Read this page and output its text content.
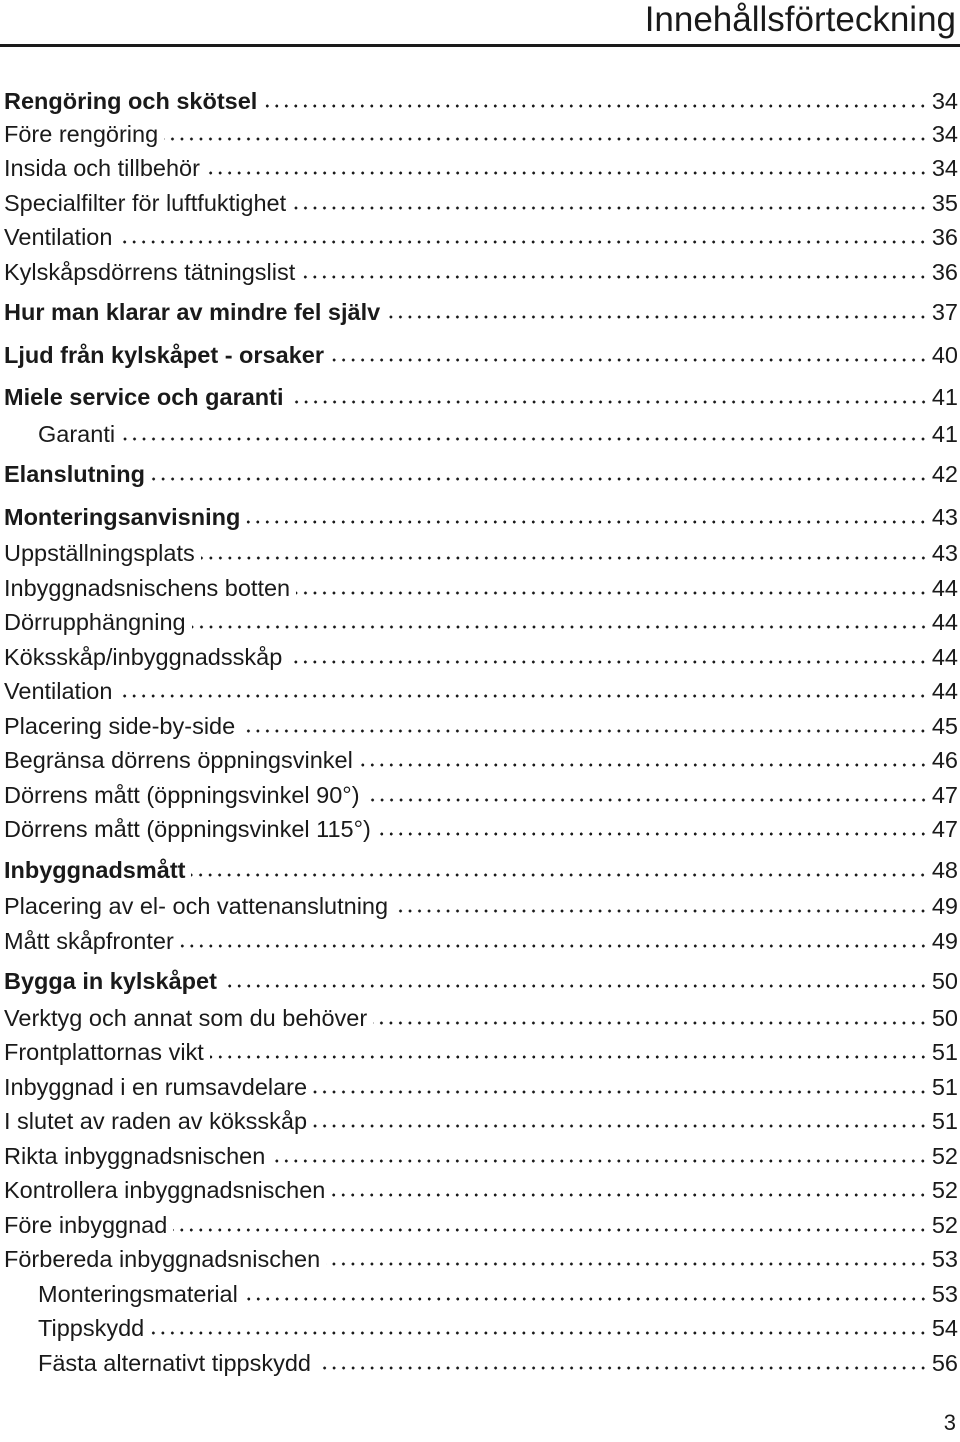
Innehållsförteckning
Rengöring och skötsel	34
Före rengöring	34
Insida och tillbehör	34
Specialfilter för luftfuktighet	35
Ventilation	36
Kylskåpsdörrens tätningslist	36
Hur man klarar av mindre fel själv	37
Ljud från kylskåpet - orsaker	40
Miele service och garanti	41
Garanti	41
Elanslutning	42
Monteringsanvisning	43
Uppställningsplats	43
Inbyggnadsnischens botten	44
Dörrupphängning	44
Köksskåp/inbyggnadsskåp	44
Ventilation	44
Placering side-by-side	45
Begränsa dörrens öppningsvinkel	46
Dörrens mått (öppningsvinkel 90°)	47
Dörrens mått (öppningsvinkel 115°)	47
Inbyggnadsmått	48
Placering av el- och vattenanslutning	49
Mått skåpfronter	49
Bygga in kylskåpet	50
Verktyg och annat som du behöver	50
Frontplattornas vikt	51
Inbyggnad i en rumsavdelare	51
I slutet av raden av köksskåp	51
Rikta inbyggnadsnischen	52
Kontrollera inbyggnadsnischen	52
Före inbyggnad	52
Förbereda inbyggnadsnischen	53
Monteringsmaterial	53
Tippskydd	54
Fästa alternativt tippskydd	56
3
